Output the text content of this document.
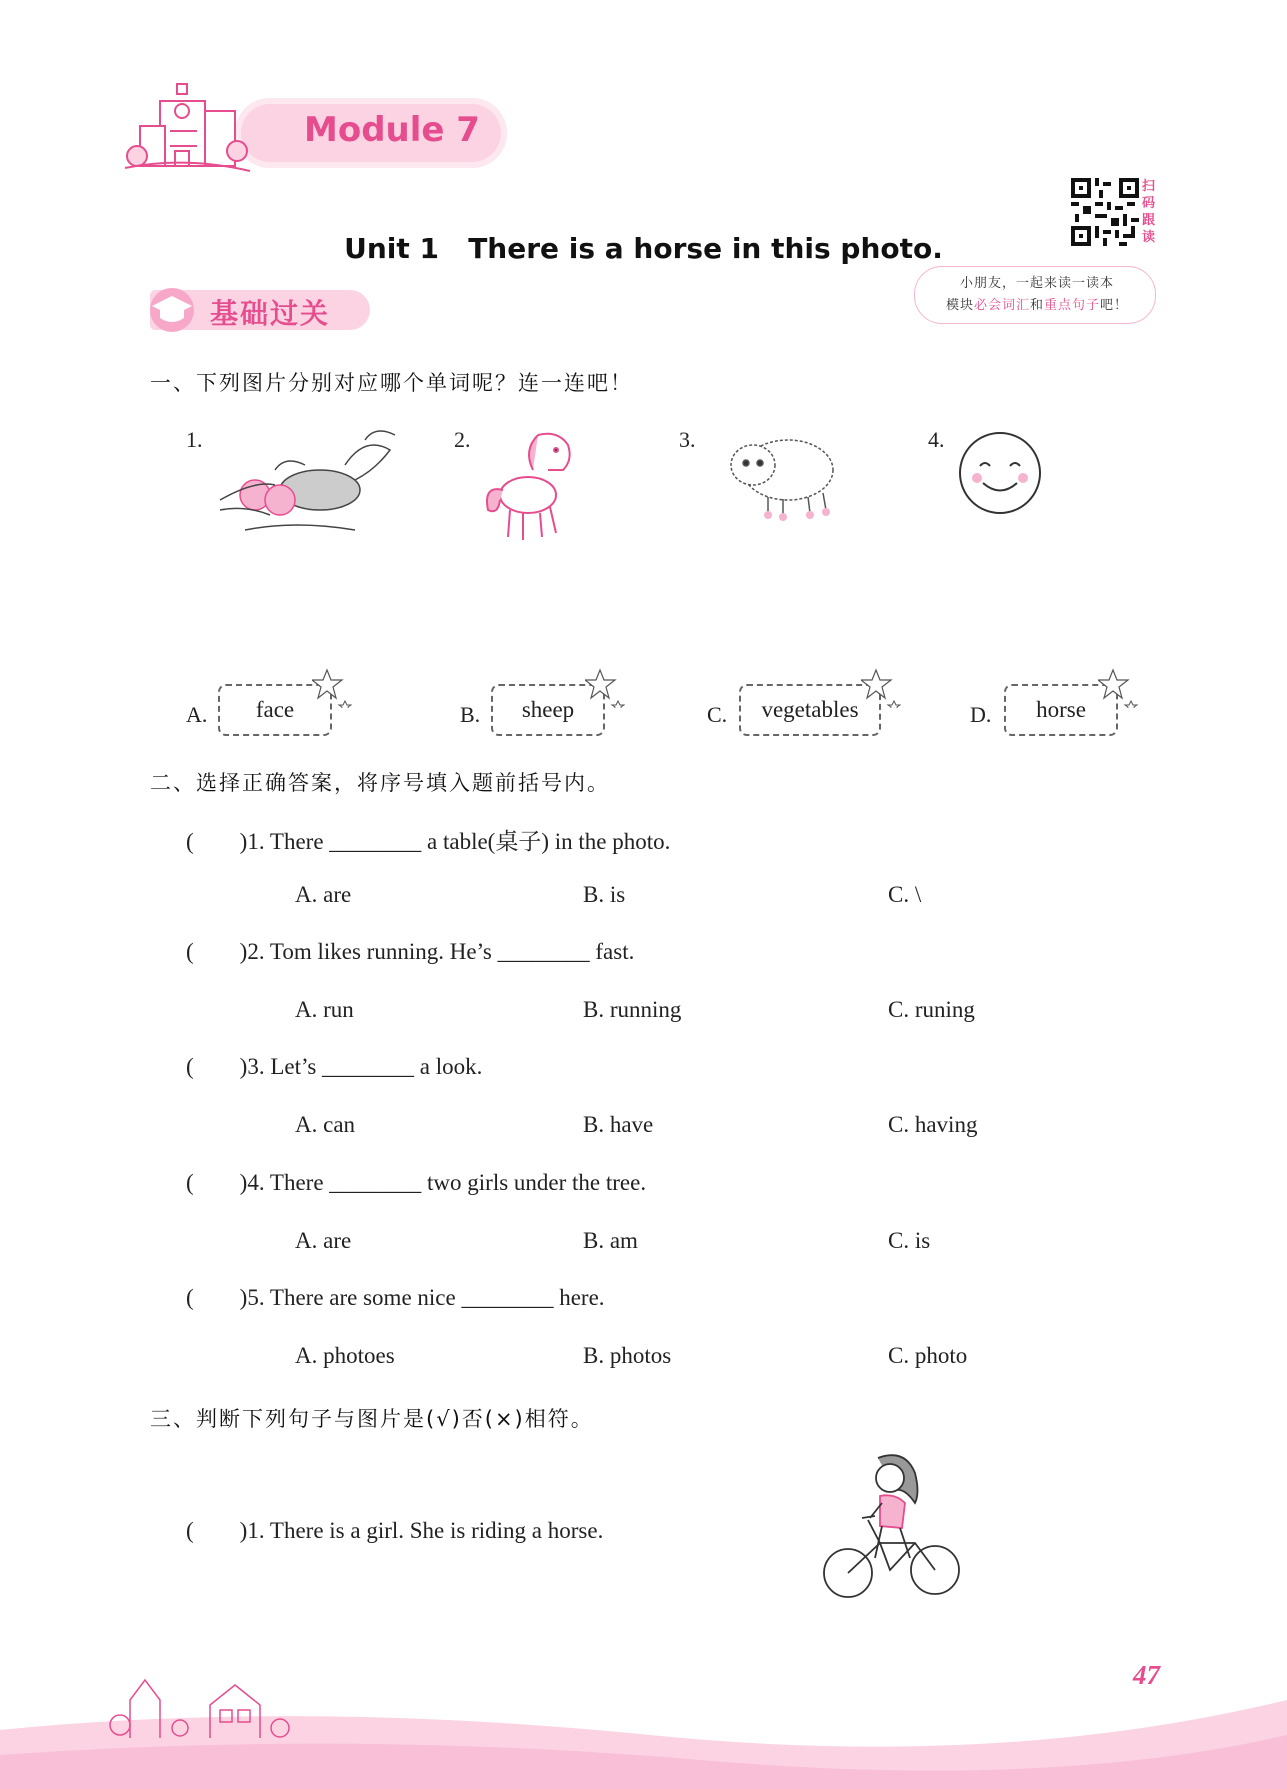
Module 7
扫码跟读
Unit 1   There is a horse in this photo.
小朋友，一起来读一读本
模块必会词汇和重点句子吧！
基础过关
一、下列图片分别对应哪个单词呢？连一连吧！
1.	2.	3.	4.
A.	face	B.	sheep	C.	vegetables	D.	horse
二、选择正确答案，将序号填入题前括号内。
(        )1. There ________ a table(桌子) in the photo.
A. are	B. is	C. \
(        )2. Tom likes running. He’s ________ fast.
A. run	B. running	C. runing
(        )3. Let’s ________ a look.
A. can	B. have	C. having
(        )4. There ________ two girls under the tree.
A. are	B. am	C. is
(        )5. There are some nice ________ here.
A. photoes	B. photos	C. photo
三、判断下列句子与图片是(√)否(×)相符。
(        )1. There is a girl. She is riding a horse.
47
